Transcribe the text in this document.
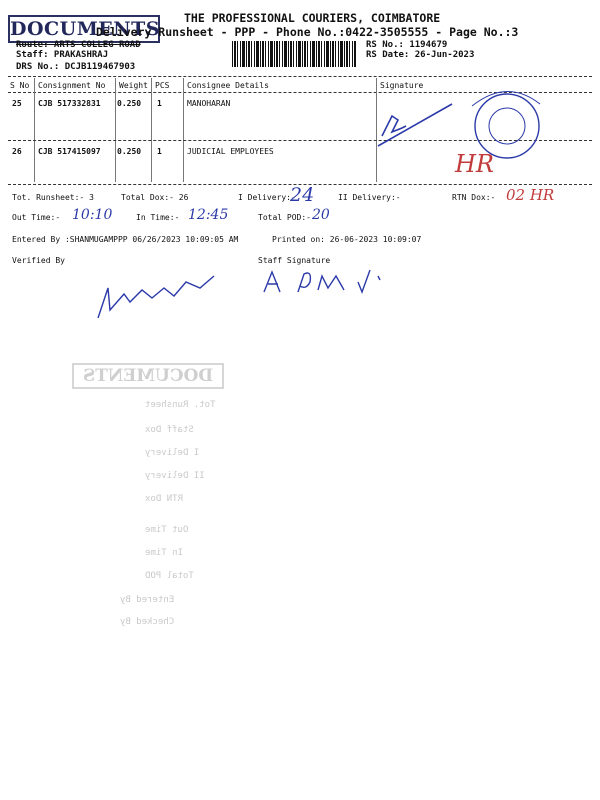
DOCUMENTS THE PROFESSIONAL COURIERS, COIMBATORE
Delivery Runsheet - PPP - Phone No.:0422-3505555 - Page No.:3
Route: ARTS COLLEG ROAD
Staff: PRAKASHRAJ
DRS No.: DCJB119467903
RS No.: 1194679
RS Date: 26-Jun-2023
S No Consignment No Weight PCS Consignee Details	Signature
25 CJB 517332831 0.250 1	MANOHARAN
26 CJB 517415097 0.250 1	JUDICIAL EMPLOYEES	HR
Tot. Runsheet:- 3	Total Dox:- 26	I Delivery:-
24	II Delivery:-	RTN Dox:- 02 HR
Out Time:- 10:10	In Time:- 12:45	Total POD:- 20
Entered By :SHANMUGAMPPP 06/26/2023 10:09:05 AM	Printed on: 26-06-2023 10:09:07
Verified By	Staff Signature
DOCUMENTS
Tot. Runsheet
Staff Dox
I Delivery
II Delivery
RTN Dox
Out Time
In Time
Total POD
Entered By
Checked By
